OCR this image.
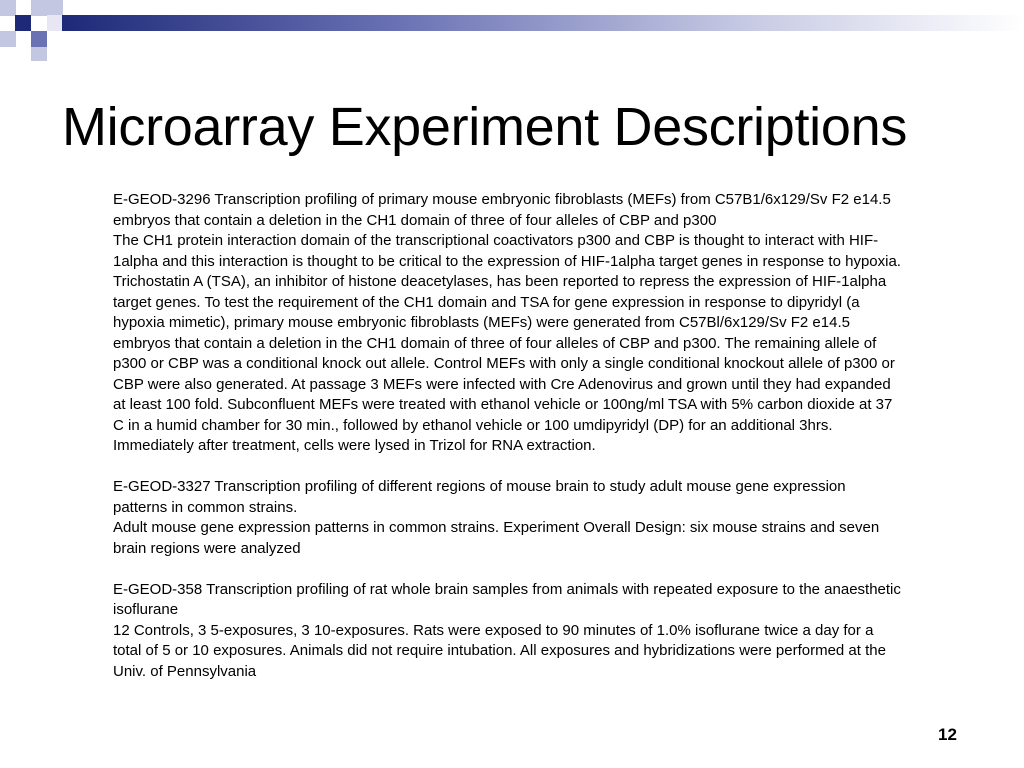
Microarray Experiment Descriptions

E-GEOD-3296 Transcription profiling of primary mouse embryonic fibroblasts (MEFs) from C57B1/6x129/Sv F2 e14.5 embryos that contain a deletion in the CH1 domain of three of four alleles of CBP and p300

The CH1 protein interaction domain of the transcriptional coactivators p300 and CBP is thought to interact with HIF-1alpha and this interaction is thought to be critical to the expression of HIF-1alpha target genes in response to hypoxia. Trichostatin A (TSA), an inhibitor of histone deacetylases, has been reported to repress the expression of HIF-1alpha target genes. To test the requirement of the CH1 domain and TSA for gene expression in response to dipyridyl (a hypoxia mimetic), primary mouse embryonic fibroblasts (MEFs) were generated from C57Bl/6x129/Sv F2 e14.5 embryos that contain a deletion in the CH1 domain of three of four alleles of CBP and p300. The remaining allele of p300 or CBP was a conditional knock out allele. Control MEFs with only a single conditional knockout allele of p300 or CBP were also generated. At passage 3 MEFs were infected with Cre Adenovirus and grown until they had expanded at least 100 fold. Subconfluent MEFs were treated with ethanol vehicle or 100ng/ml TSA with 5% carbon dioxide at 37 C in a humid chamber for 30 min., followed by ethanol vehicle or 100 umdipyridyl (DP) for an additional 3hrs. Immediately after treatment, cells were lysed in Trizol for RNA extraction.

E-GEOD-3327 Transcription profiling of different regions of mouse brain to study adult mouse gene expression patterns in common strains.

Adult mouse gene expression patterns in common strains. Experiment Overall Design: six mouse strains and seven brain regions were analyzed

E-GEOD-358 Transcription profiling of rat whole brain samples from animals with repeated exposure to the anaesthetic isoflurane

12 Controls, 3 5-exposures, 3 10-exposures. Rats were exposed to 90 minutes of 1.0% isoflurane twice a day for a total of 5 or 10 exposures. Animals did not require intubation. All exposures and hybridizations were performed at the Univ. of Pennsylvania

12
